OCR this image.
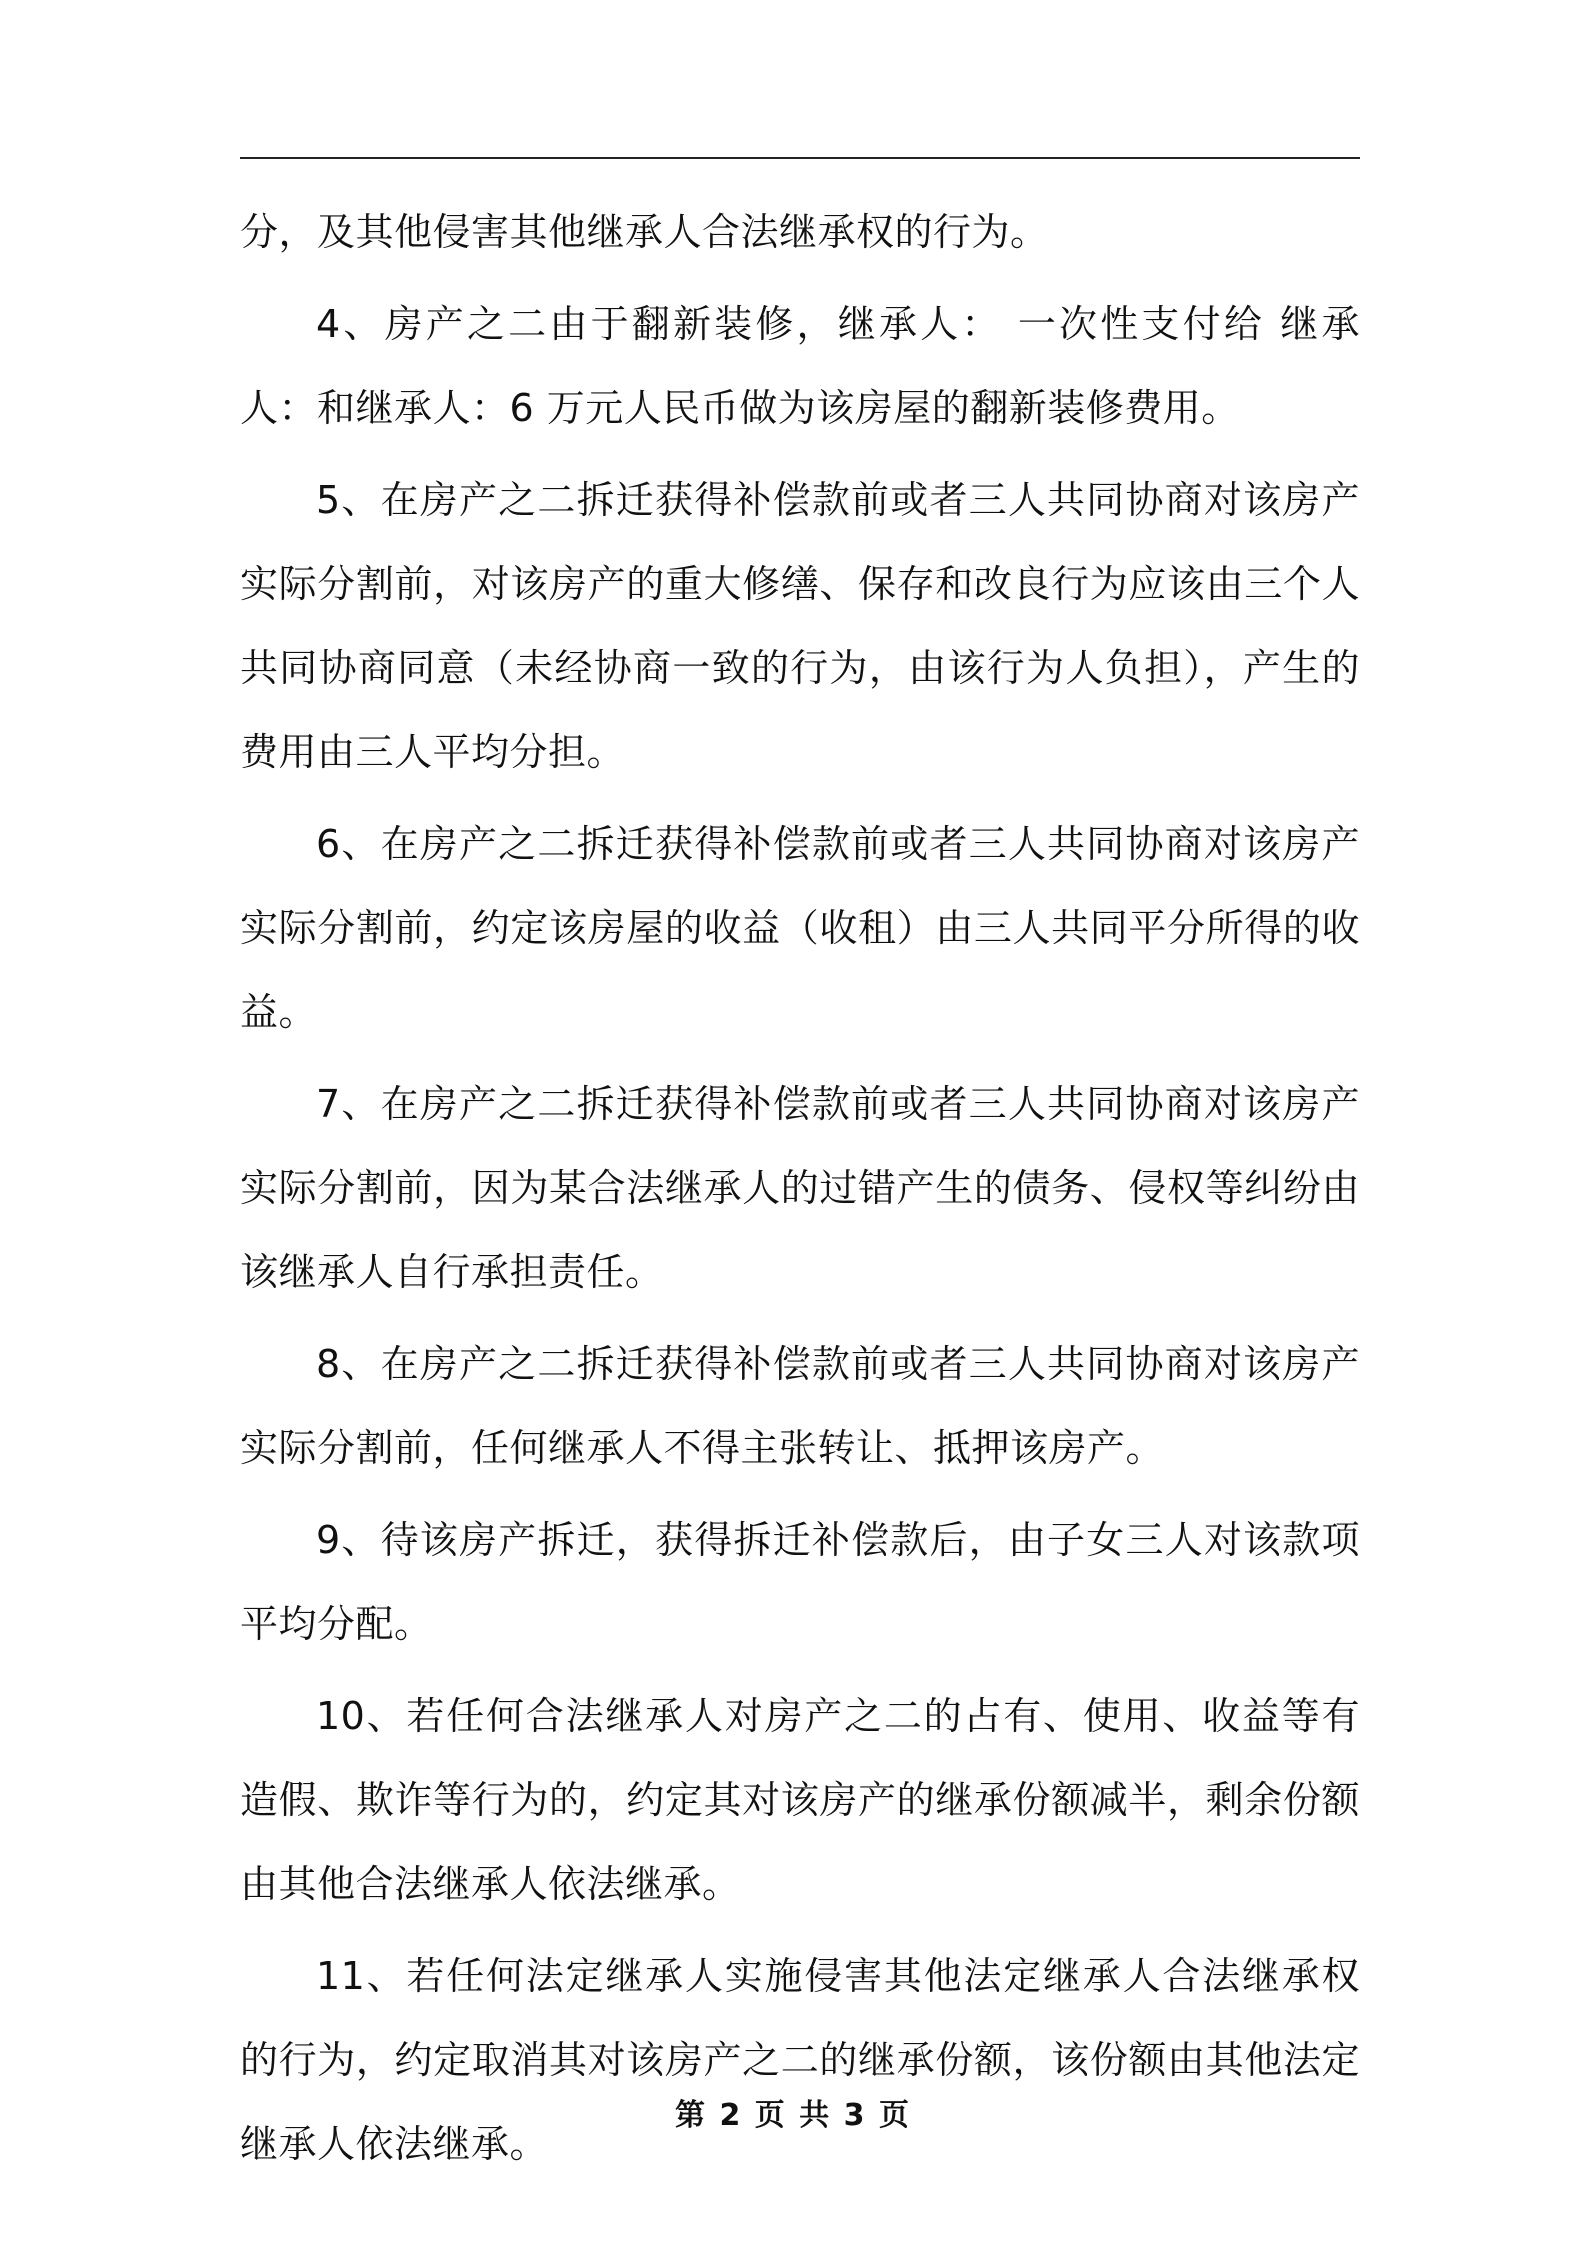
分，及其他侵害其他继承人合法继承权的行为。

4、房产之二由于翻新装修，继承人： 一次性支付给 继承人：和继承人：6 万元人民币做为该房屋的翻新装修费用。

5、在房产之二拆迁获得补偿款前或者三人共同协商对该房产实际分割前，对该房产的重大修缮、保存和改良行为应该由三个人共同协商同意（未经协商一致的行为，由该行为人负担），产生的费用由三人平均分担。

6、在房产之二拆迁获得补偿款前或者三人共同协商对该房产实际分割前，约定该房屋的收益（收租）由三人共同平分所得的收益。

7、在房产之二拆迁获得补偿款前或者三人共同协商对该房产实际分割前，因为某合法继承人的过错产生的债务、侵权等纠纷由该继承人自行承担责任。

8、在房产之二拆迁获得补偿款前或者三人共同协商对该房产实际分割前，任何继承人不得主张转让、抵押该房产。

9、待该房产拆迁，获得拆迁补偿款后，由子女三人对该款项平均分配。

10、若任何合法继承人对房产之二的占有、使用、收益等有造假、欺诈等行为的，约定其对该房产的继承份额减半，剩余份额由其他合法继承人依法继承。

11、若任何法定继承人实施侵害其他法定继承人合法继承权的行为，约定取消其对该房产之二的继承份额，该份额由其他法定继承人依法继承。

第 2 页 共 3 页
